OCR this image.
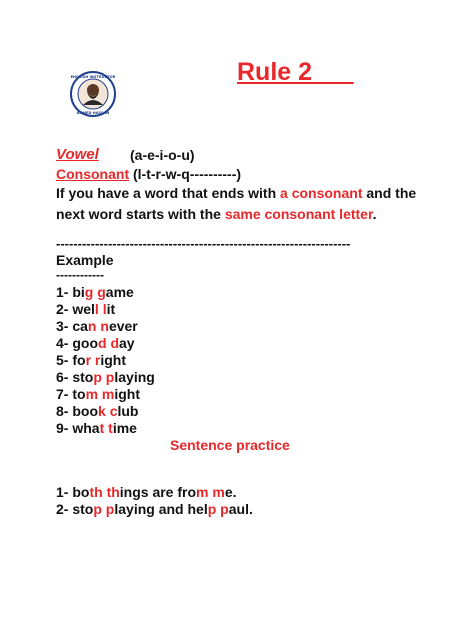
Rule 2
ENGLISH INSTRUCTOR
AHMED HASSAN
Vowel (a-e-i-o-u)
Consonant (l-t-r-w-q----------)
If you have a word that ends with a consonant and the next word starts with the same consonant letter.
--------------------------------------------------------------------
Example
------------
1- big game
2- well lit
3- can never
4- good day
5- for right
6- stop playing
7- tom might
8- book club
9- what time
Sentence practice
1- both things are from me.
2- stop playing and help paul.
